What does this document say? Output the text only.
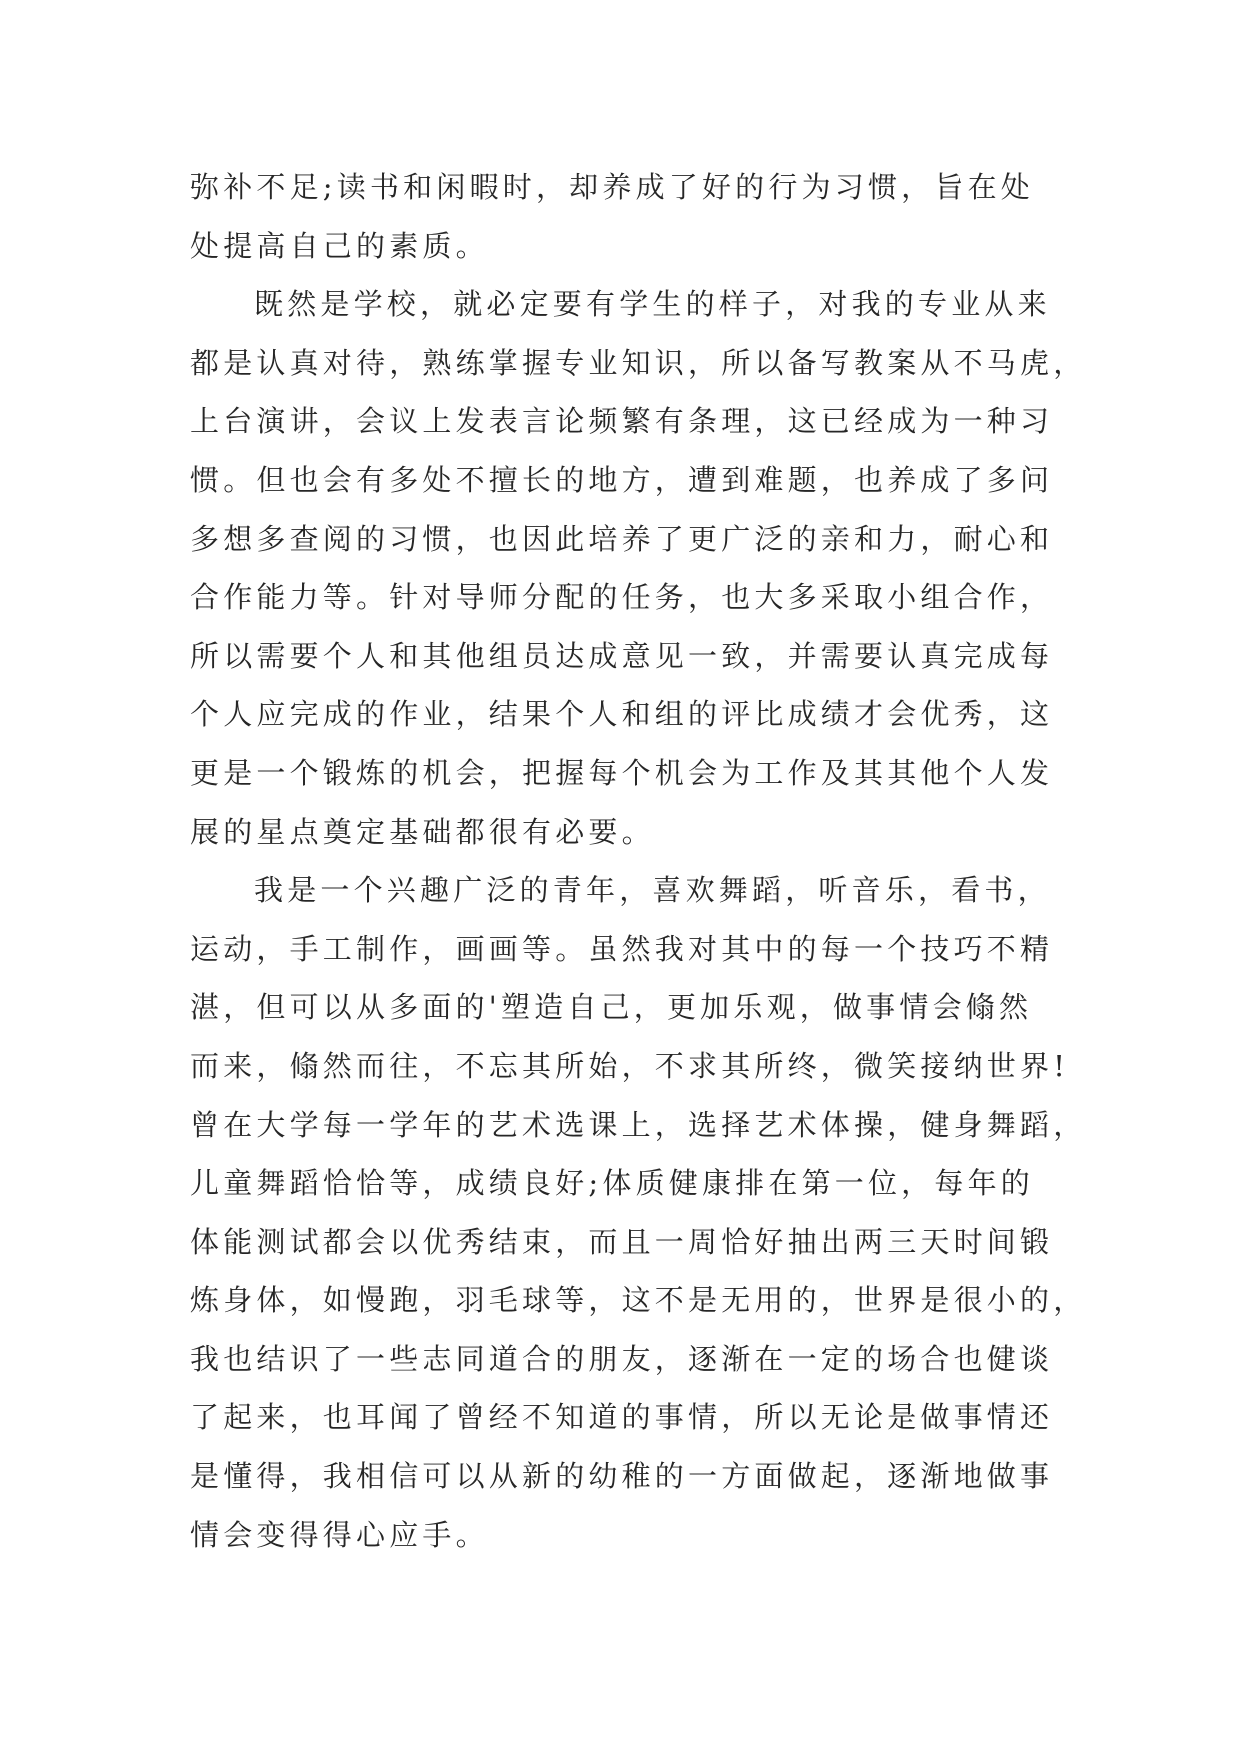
弥补不足;读书和闲暇时，却养成了好的行为习惯，旨在处
处提高自己的素质。
既然是学校，就必定要有学生的样子，对我的专业从来
都是认真对待，熟练掌握专业知识，所以备写教案从不马虎，
上台演讲，会议上发表言论频繁有条理，这已经成为一种习
惯。但也会有多处不擅长的地方，遭到难题，也养成了多问
多想多查阅的习惯，也因此培养了更广泛的亲和力，耐心和
合作能力等。针对导师分配的任务，也大多采取小组合作，
所以需要个人和其他组员达成意见一致，并需要认真完成每
个人应完成的作业，结果个人和组的评比成绩才会优秀，这
更是一个锻炼的机会，把握每个机会为工作及其其他个人发
展的星点奠定基础都很有必要。
我是一个兴趣广泛的青年，喜欢舞蹈，听音乐，看书，
运动，手工制作，画画等。虽然我对其中的每一个技巧不精
湛，但可以从多面的'塑造自己，更加乐观，做事情会翛然
而来，翛然而往，不忘其所始，不求其所终，微笑接纳世界!
曾在大学每一学年的艺术选课上，选择艺术体操，健身舞蹈，
儿童舞蹈恰恰等，成绩良好;体质健康排在第一位，每年的
体能测试都会以优秀结束，而且一周恰好抽出两三天时间锻
炼身体，如慢跑，羽毛球等，这不是无用的，世界是很小的，
我也结识了一些志同道合的朋友，逐渐在一定的场合也健谈
了起来，也耳闻了曾经不知道的事情，所以无论是做事情还
是懂得，我相信可以从新的幼稚的一方面做起，逐渐地做事
情会变得得心应手。
